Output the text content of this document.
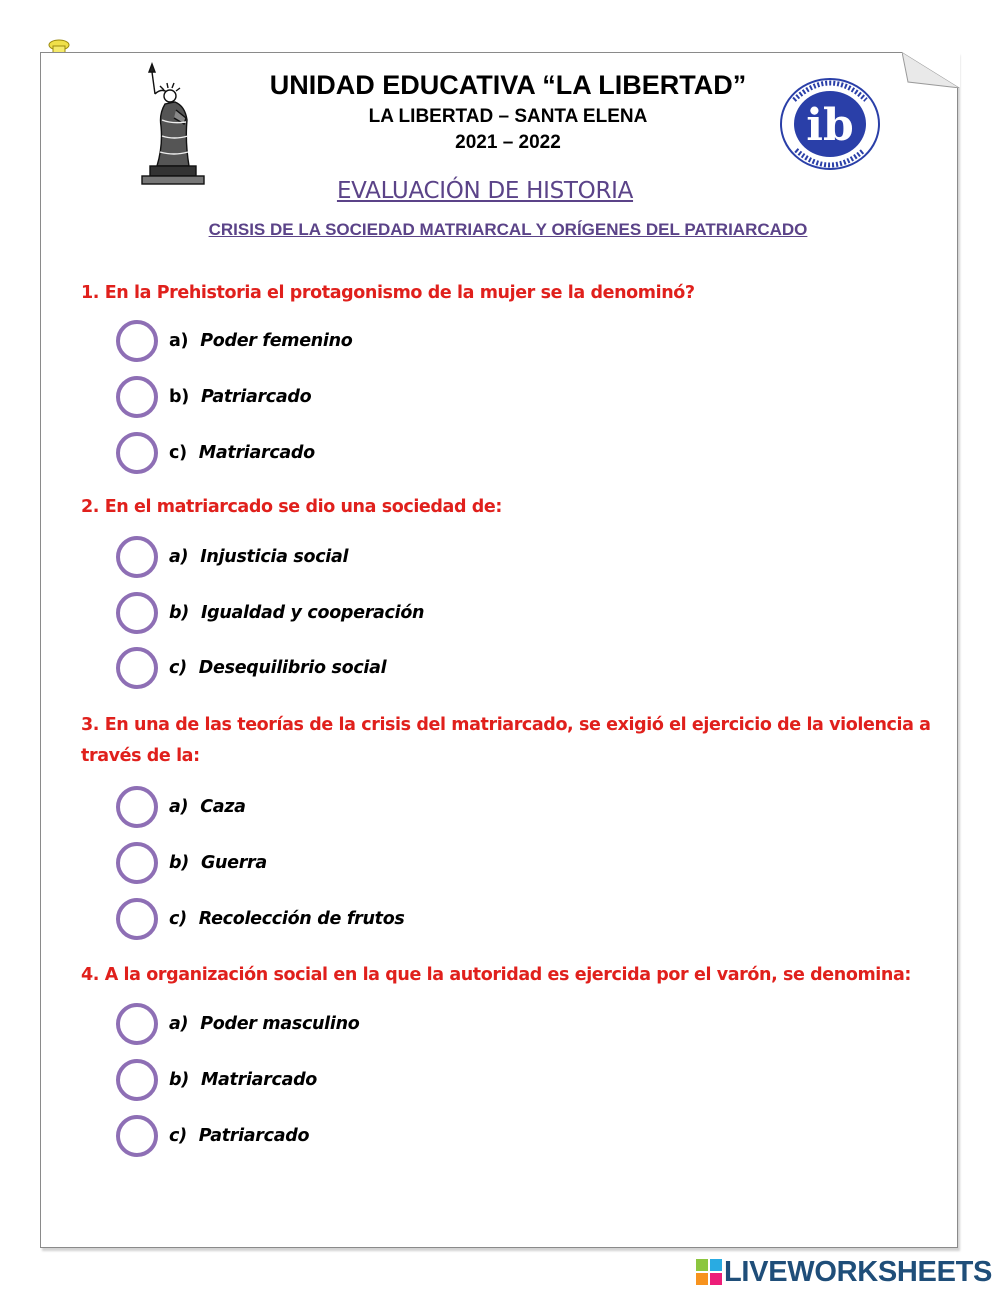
ib
UNIDAD EDUCATIVA “LA LIBERTAD”
LA LIBERTAD – SANTA ELENA
2021 – 2022
EVALUACIÓN DE HISTORIA
CRISIS DE LA SOCIEDAD MATRIARCAL Y ORÍGENES DEL PATRIARCADO
1. En la Prehistoria el protagonismo de la mujer se la denominó?
a) Poder femenino
b) Patriarcado
c) Matriarcado
2. En el matriarcado se dio una sociedad de:
a) Injusticia social
b) Igualdad y cooperación
c) Desequilibrio social
3. En una de las teorías de la crisis del matriarcado, se exigió el ejercicio de la violencia a través de la:
a) Caza
b) Guerra
c) Recolección de frutos
4. A la organización social en la que la autoridad es ejercida por el varón, se denomina:
a) Poder masculino
b) Matriarcado
c) Patriarcado
LIVEWORKSHEETS
